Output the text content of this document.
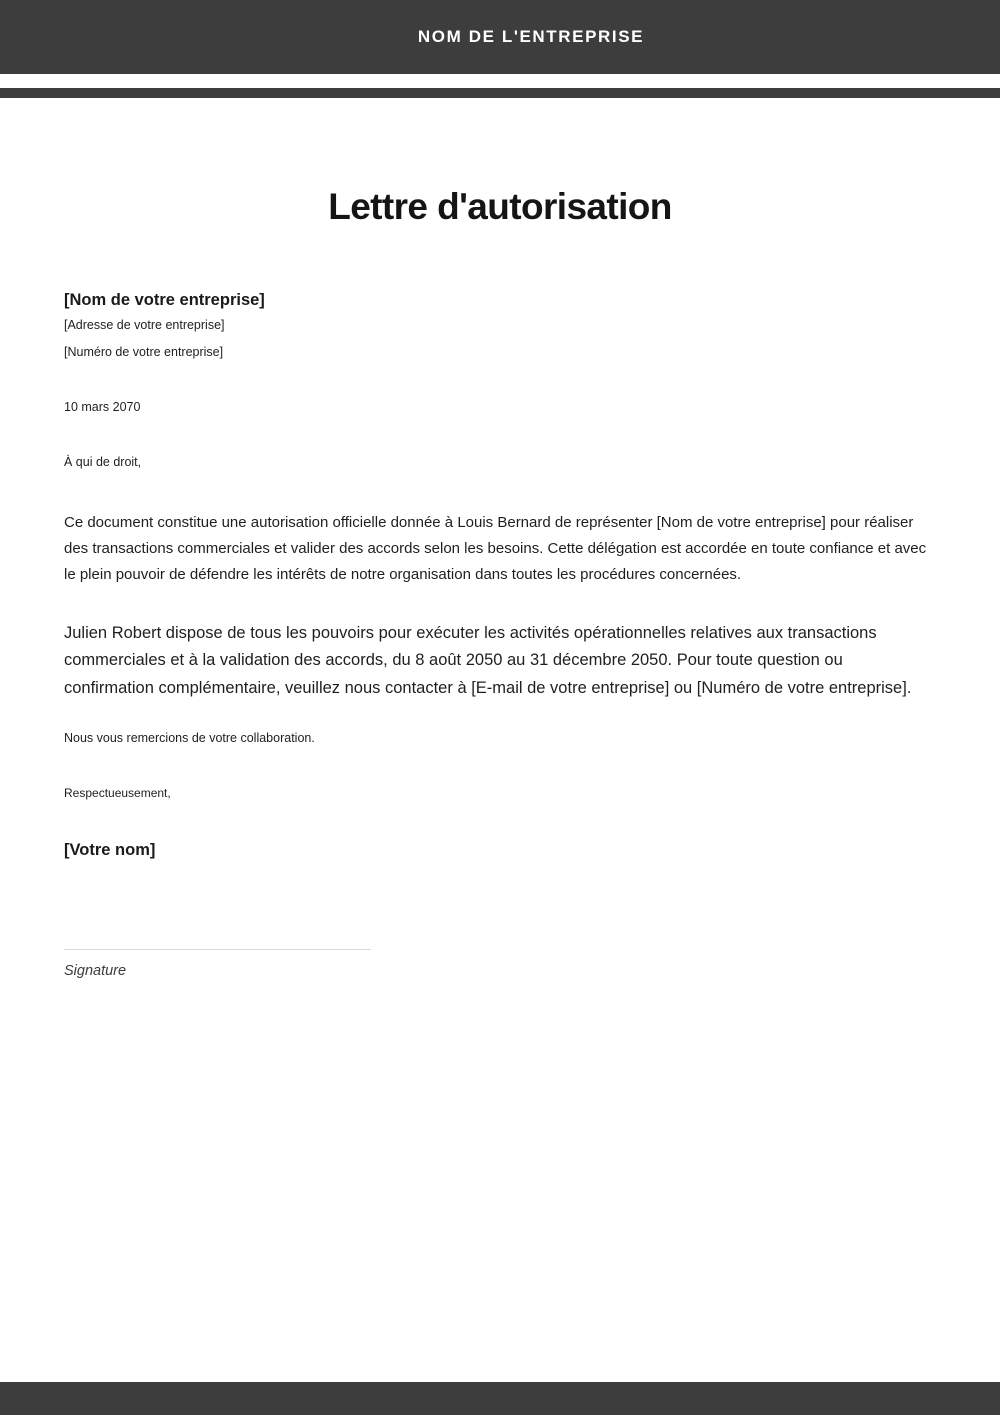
NOM DE L'ENTREPRISE
Lettre d'autorisation
[Nom de votre entreprise]
[Adresse de votre entreprise]
[Numéro de votre entreprise]
10 mars 2070
À qui de droit,

Ce document constitue une autorisation officielle donnée à Louis Bernard de représenter [Nom de votre entreprise] pour réaliser des transactions commerciales et valider des accords selon les besoins. Cette délégation est accordée en toute confiance et avec le plein pouvoir de défendre les intérêts de notre organisation dans toutes les procédures concernées.

Julien Robert dispose de tous les pouvoirs pour exécuter les activités opérationnelles relatives aux transactions commerciales et à la validation des accords, du 8 août 2050 au 31 décembre 2050. Pour toute question ou confirmation complémentaire, veuillez nous contacter à [E-mail de votre entreprise] ou [Numéro de votre entreprise].

Nous vous remercions de votre collaboration.
Respectueusement,
[Votre nom]
Signature
